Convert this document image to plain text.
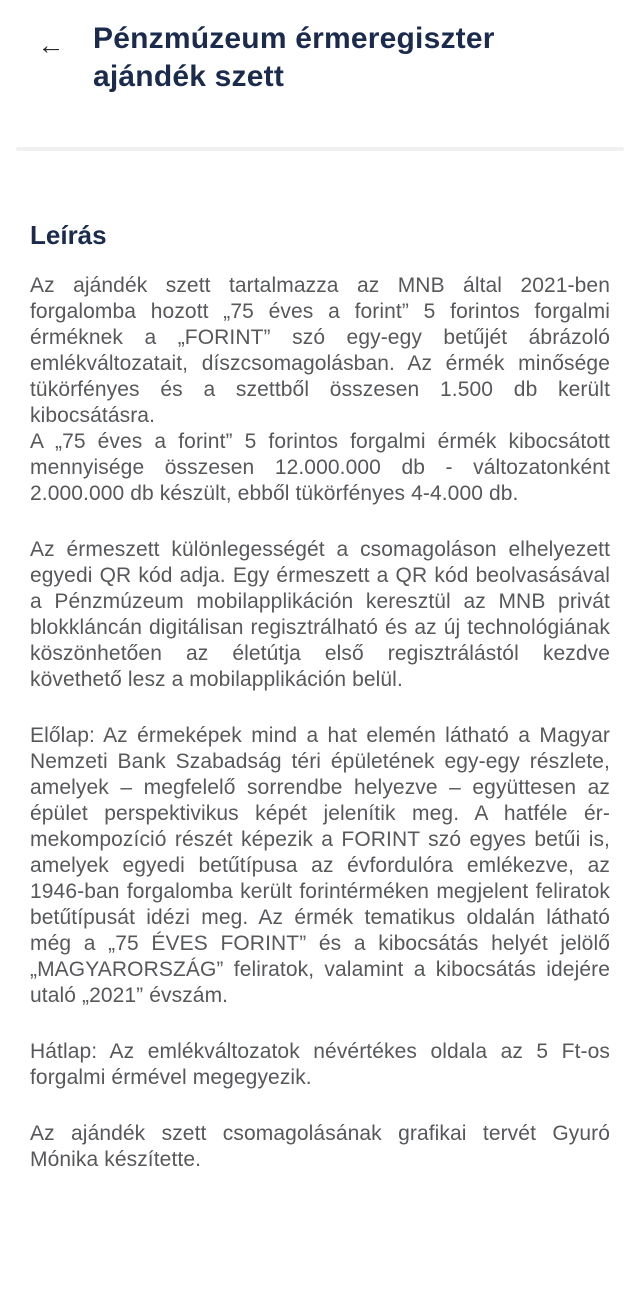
← Pénzmúzeum érmeregiszter ajándék szett
Leírás

Az ajándék szett tartalmazza az MNB által 2021-ben forgalomba hozott „75 éves a forint” 5 forintos forgalmi érméknek a „FORINT” szó egy-egy betűjét ábrázoló emlékváltozatait, díszcsomagolásban. Az érmék minősége tükörfényes és a szettből összesen 1.500 db került kibocsátásra.

A „75 éves a forint” 5 forintos forgalmi érmék kibocsátott mennyisége összesen 12.000.000 db - változatonként 2.000.000 db készült, ebből tükörfényes 4-4.000 db.

Az érmeszett különlegességét a csomagoláson elhelyezett egyedi QR kód adja. Egy érmeszett a QR kód beolvasásával a Pénzmúzeum mobilapplikáción keresztül az MNB privát blokkláncán digitálisan regisztrálható és az új technológiának köszönhetően az életútja első regisztrálástól kezdve követhető lesz a mobilapplikáción belül.

Előlap: Az érmeképek mind a hat elemén látható a Magyar Nemzeti Bank Szabadság téri épületének egy-egy részlete, amelyek – megfelelő sorrendbe helyezve – együttesen az épület perspektivikus képét jelenítik meg. A hatféle ér-mekompozíció részét képezik a FORINT szó egyes betűi is, amelyek egyedi betűtípusa az évfordulóra emlékezve, az 1946-ban forgalomba került forintérméken megjelent feliratok betűtípusát idézi meg. Az érmék tematikus oldalán látható még a „75 ÉVES FORINT” és a kibocsátás helyét jelölő „MAGYARORSZÁG” feliratok, valamint a kibocsátás idejére utaló „2021” évszám.

Hátlap: Az emlékváltozatok névértékes oldala az 5 Ft-os forgalmi érmével megegyezik.

Az ajándék szett csomagolásának grafikai tervét Gyuró Mónika készítette.
